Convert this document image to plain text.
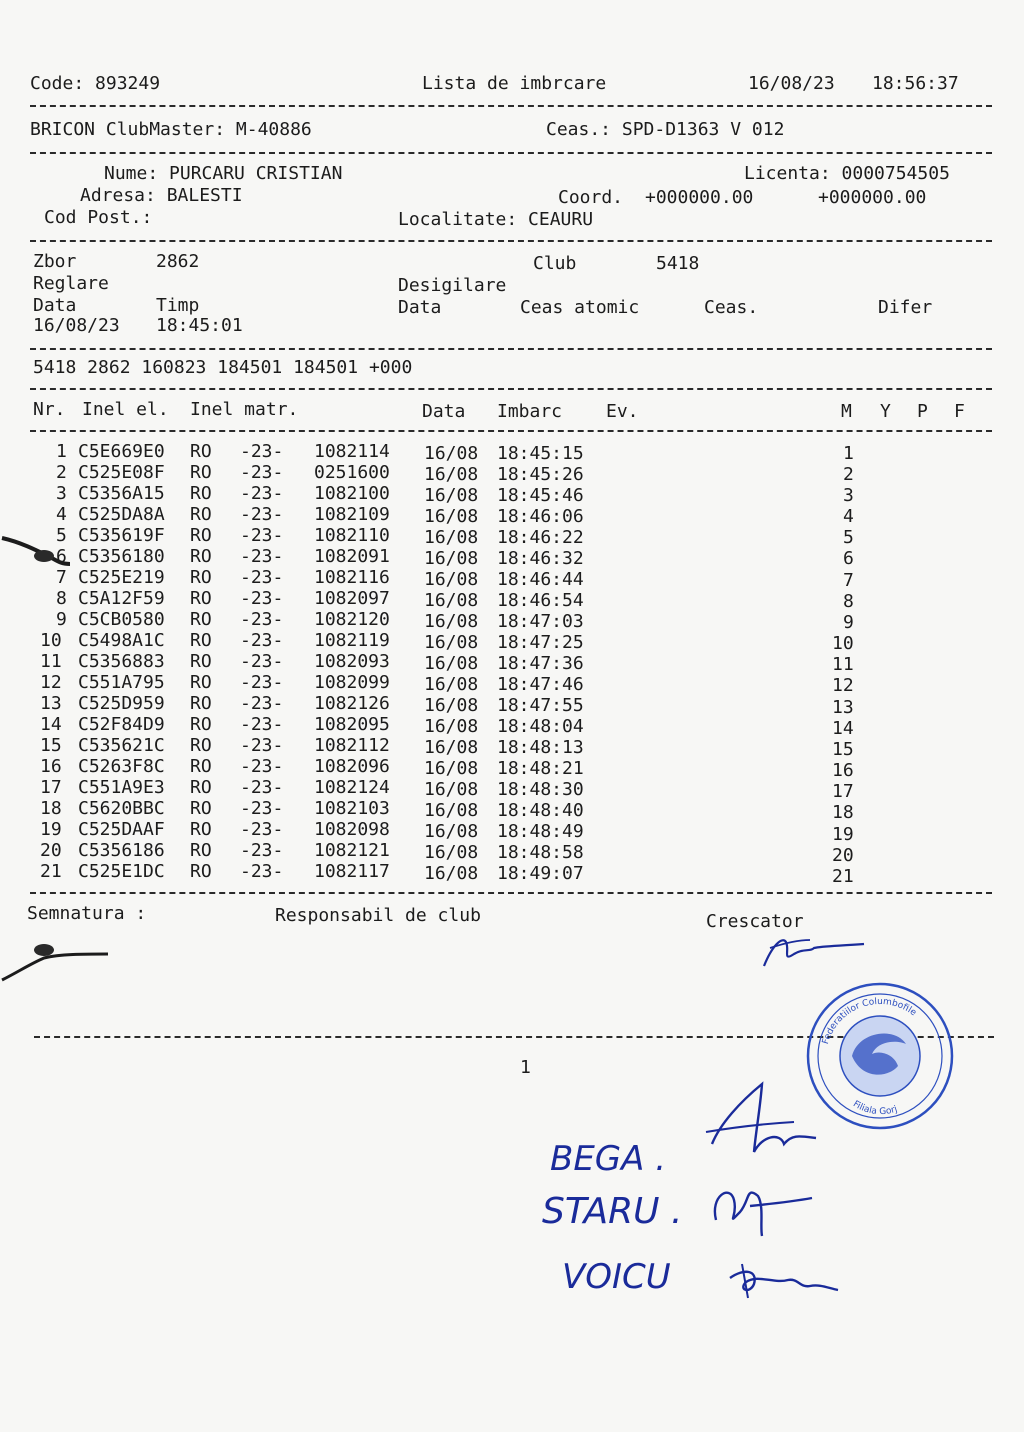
Code: 893249	Lista de imbrcare	16/08/23 18:56:37
BRICON ClubMaster: M-40886	Ceas.: SPD-D1363 V 012
Nume: PURCARU CRISTIAN	Licenta: 0000754505
Adresa: BALESTI	Coord. +000000.00	+000000.00
Cod Post.:	Localitate: CEAURU
Zbor	2862	Club	5418
Reglare	Desigilare
Data	Timp	Data	Ceas atomic	Ceas.	Difer
16/08/23 18:45:01
5418 2862 160823 184501 184501 +000
Nr. Inel el. Inel matr.	Data Imbarc Ev.	M Y P F
1 C5E669E0 RO -23- 1082114 16/08 18:45:15	1
2 C525E08F RO -23- 0251600 16/08 18:45:26	2
3 C5356A15 RO -23- 1082100 16/08 18:45:46	3
4 C525DA8A RO -23- 1082109 16/08 18:46:06	4
5 C535619F RO -23- 1082110 16/08 18:46:22	5
6 C5356180 RO -23- 1082091 16/08 18:46:32	6
7 C525E219 RO -23- 1082116 16/08 18:46:44	7
8 C5A12F59 RO -23- 1082097 16/08 18:46:54	8
9 C5CB0580 RO -23- 1082120 16/08 18:47:03	9
10 C5498A1C RO -23- 1082119 16/08 18:47:25	10
11 C5356883 RO -23- 1082093 16/08 18:47:36	11
12 C551A795 RO -23- 1082099 16/08 18:47:46	12
13 C525D959 RO -23- 1082126 16/08 18:47:55	13
14 C52F84D9 RO -23- 1082095 16/08 18:48:04	14
15 C535621C RO -23- 1082112 16/08 18:48:13	15
16 C5263F8C RO -23- 1082096 16/08 18:48:21	16
17 C551A9E3 RO -23- 1082124 16/08 18:48:30	17
18 C5620BBC RO -23- 1082103 16/08 18:48:40	18
19 C525DAAF RO -23- 1082098 16/08 18:48:49	19
20 C5356186 RO -23- 1082121 16/08 18:48:58	20
21 C525E1DC RO -23- 1082117 16/08 18:49:07	21
Semnatura :	Responsabil de club	Crescator
1
Federatiilor Columbofile
Filiala Gorj
BEGA .
STARU .
VOICU
